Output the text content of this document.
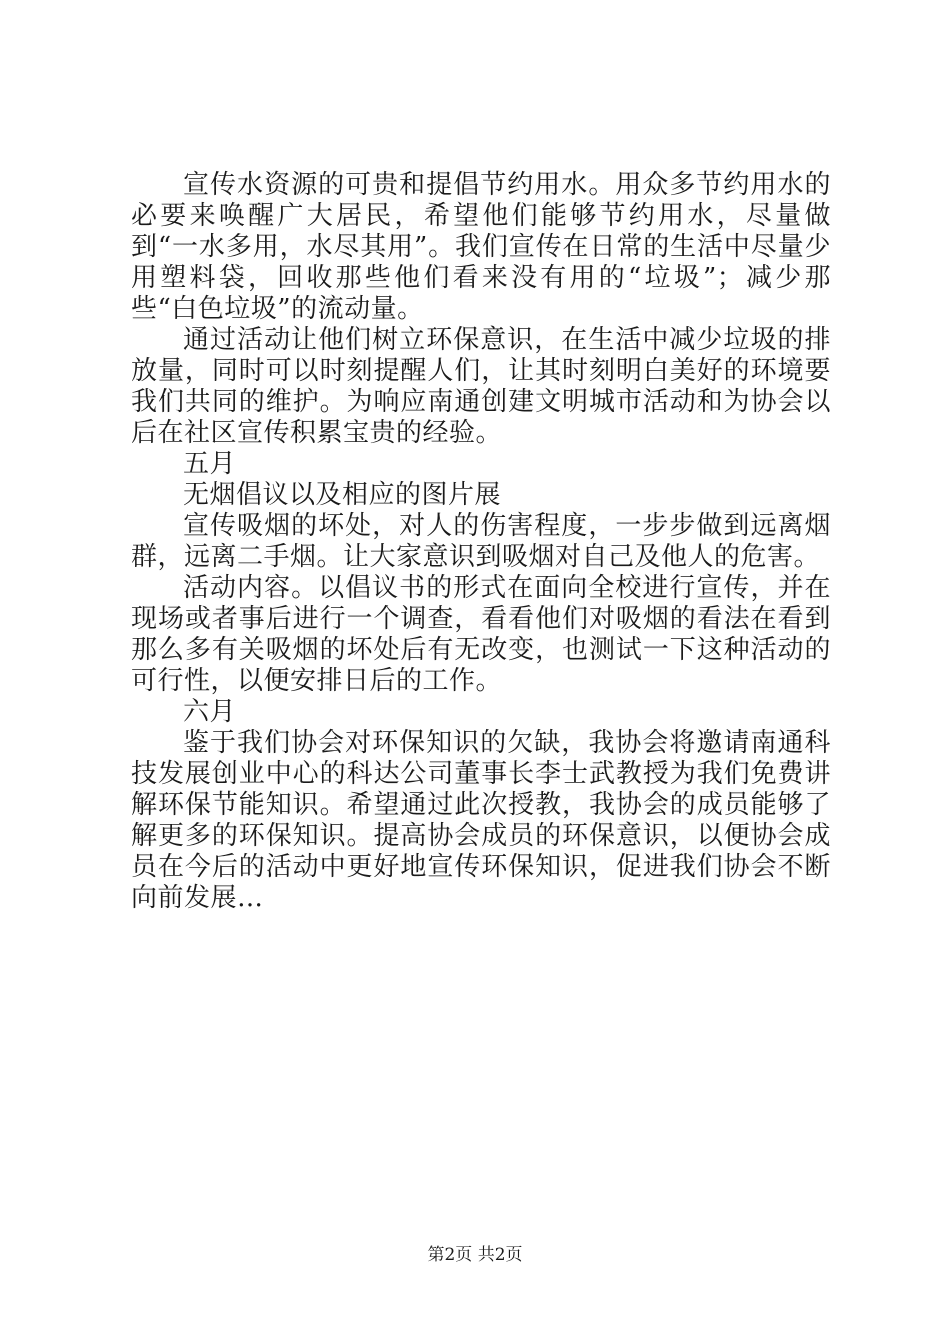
宣传水资源的可贵和提倡节约用水。用众多节约用水的必要来唤醒广大居民，希望他们能够节约用水，尽量做到“一水多用，水尽其用”。我们宣传在日常的生活中尽量少用塑料袋，回收那些他们看来没有用的“垃圾”；减少那些“白色垃圾”的流动量。

通过活动让他们树立环保意识，在生活中减少垃圾的排放量，同时可以时刻提醒人们，让其时刻明白美好的环境要我们共同的维护。为响应南通创建文明城市活动和为协会以后在社区宣传积累宝贵的经验。

五月

无烟倡议以及相应的图片展

宣传吸烟的坏处，对人的伤害程度，一步步做到远离烟群，远离二手烟。让大家意识到吸烟对自己及他人的危害。

活动内容。以倡议书的形式在面向全校进行宣传，并在现场或者事后进行一个调查，看看他们对吸烟的看法在看到那么多有关吸烟的坏处后有无改变，也测试一下这种活动的可行性，以便安排日后的工作。

六月

鉴于我们协会对环保知识的欠缺，我协会将邀请南通科技发展创业中心的科达公司董事长李士武教授为我们免费讲解环保节能知识。希望通过此次授教，我协会的成员能够了解更多的环保知识。提高协会成员的环保意识，以便协会成员在今后的活动中更好地宣传环保知识，促进我们协会不断向前发展…

第2页 共2页
